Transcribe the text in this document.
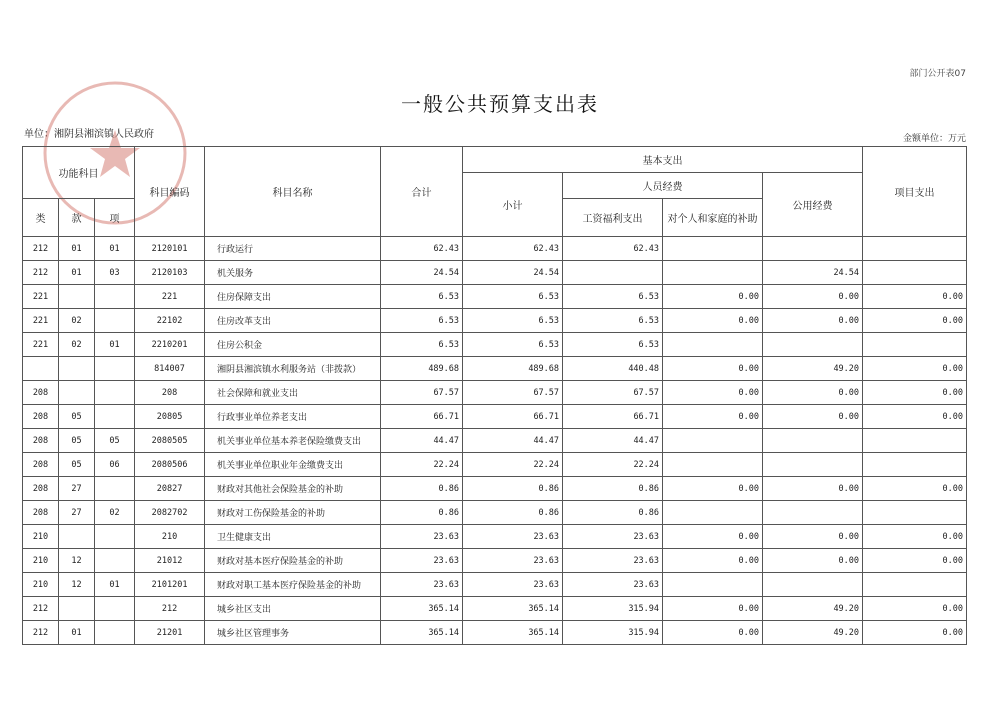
部门公开表07
一般公共预算支出表
单位：湘阴县湘滨镇人民政府	金额单位：万元
功能科目			科目编码	科目名称	合计	基本支出				项目支出
						小计	人员经费		公用经费	
类	款	项					工资福利支出	对个人和家庭的补助		

212	01	01	2120101	行政运行	62.43	62.43	62.43			
212	01	03	2120103	机关服务	24.54	24.54			24.54	
221			221	住房保障支出	6.53	6.53	6.53	0.00	0.00	0.00
221	02		22102	住房改革支出	6.53	6.53	6.53	0.00	0.00	0.00
221	02	01	2210201	住房公积金	6.53	6.53	6.53			
			814007	湘阴县湘滨镇水利服务站（非拨款）	489.68	489.68	440.48	0.00	49.20	0.00
208			208	社会保障和就业支出	67.57	67.57	67.57	0.00	0.00	0.00
208	05		20805	行政事业单位养老支出	66.71	66.71	66.71	0.00	0.00	0.00
208	05	05	2080505	机关事业单位基本养老保险缴费支出	44.47	44.47	44.47			
208	05	06	2080506	机关事业单位职业年金缴费支出	22.24	22.24	22.24			
208	27		20827	财政对其他社会保险基金的补助	0.86	0.86	0.86	0.00	0.00	0.00
208	27	02	2082702	财政对工伤保险基金的补助	0.86	0.86	0.86			
210			210	卫生健康支出	23.63	23.63	23.63	0.00	0.00	0.00
210	12		21012	财政对基本医疗保险基金的补助	23.63	23.63	23.63	0.00	0.00	0.00
210	12	01	2101201	财政对职工基本医疗保险基金的补助	23.63	23.63	23.63			
212			212	城乡社区支出	365.14	365.14	315.94	0.00	49.20	0.00
212	01		21201	城乡社区管理事务	365.14	365.14	315.94	0.00	49.20	0.00
